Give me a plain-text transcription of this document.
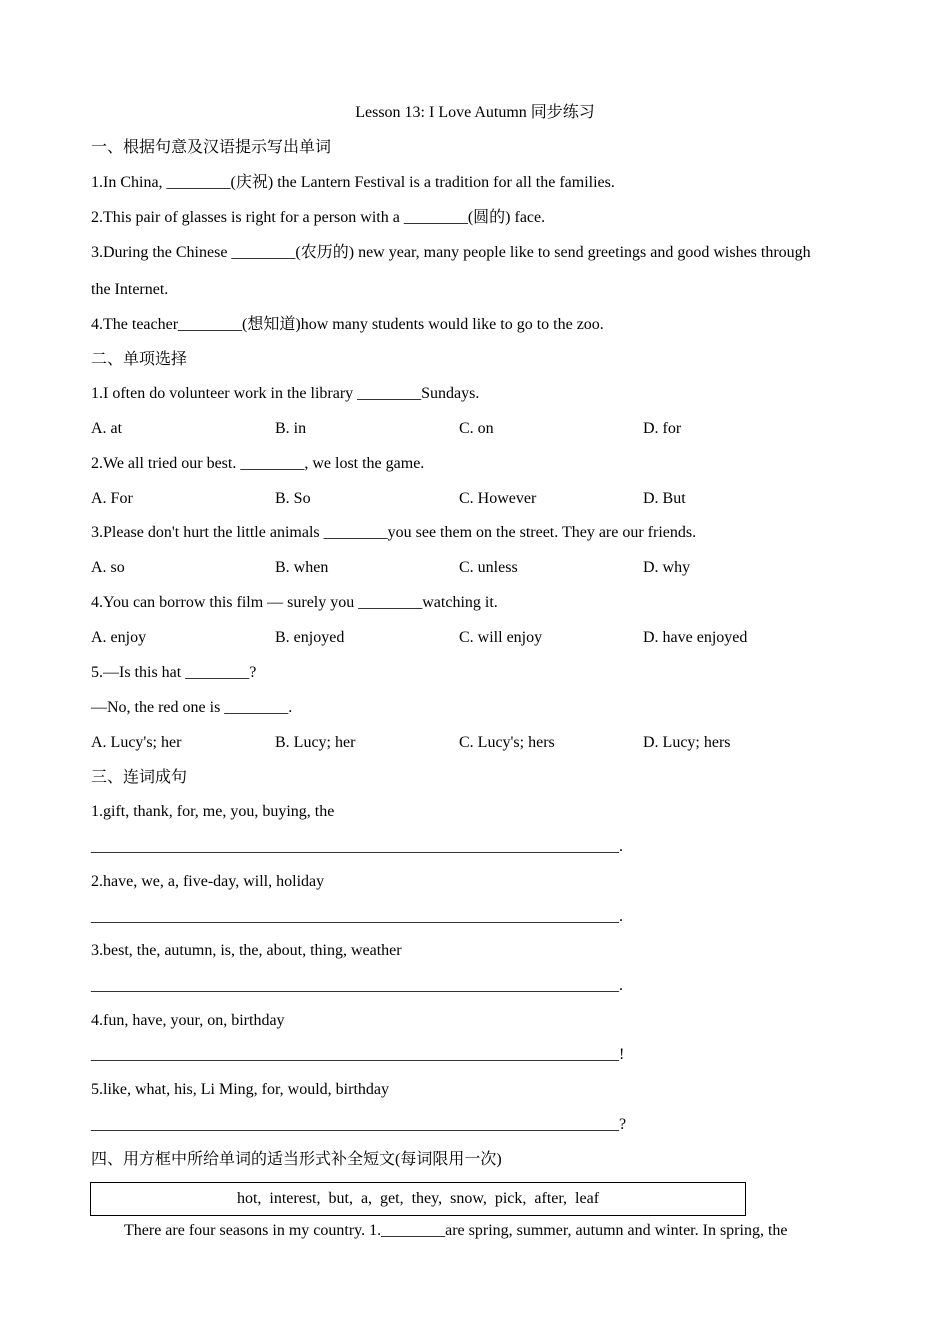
Lesson 13: I Love Autumn 同步练习
一、根据句意及汉语提示写出单词
1.In China, ________(庆祝) the Lantern Festival is a tradition for all the families.
2.This pair of glasses is right for a person with a ________(圆的) face.
3.During the Chinese ________(农历的) new year, many people like to send greetings and good wishes through
the Internet.
4.The teacher________(想知道)how many students would like to go to the zoo.
二、单项选择
1.I often do volunteer work in the library ________Sundays.
A. at	B. in	C. on	D. for
2.We all tried our best. ________, we lost the game.
A. For	B. So	C. However	D. But
3.Please don't hurt the little animals ________you see them on the street. They are our friends.
A. so	B. when	C. unless	D. why
4.You can borrow this film — surely you ________watching it.
A. enjoy	B. enjoyed	C. will enjoy	D. have enjoyed
5.—Is this hat ________?
—No, the red one is ________.
A. Lucy's; her	B. Lucy; her	C. Lucy's; hers	D. Lucy; hers
三、连词成句
1.gift, thank, for, me, you, buying, the
__________________________________________________________________.
2.have, we, a, five-day, will, holiday
__________________________________________________________________.
3.best, the, autumn, is, the, about, thing, weather
__________________________________________________________________.
4.fun, have, your, on, birthday
__________________________________________________________________!
5.like, what, his, Li Ming, for, would, birthday
__________________________________________________________________?
四、用方框中所给单词的适当形式补全短文(每词限用一次)
hot, interest, but, a, get, they, snow, pick, after, leaf
There are four seasons in my country. 1.________are spring, summer, autumn and winter. In spring, the
